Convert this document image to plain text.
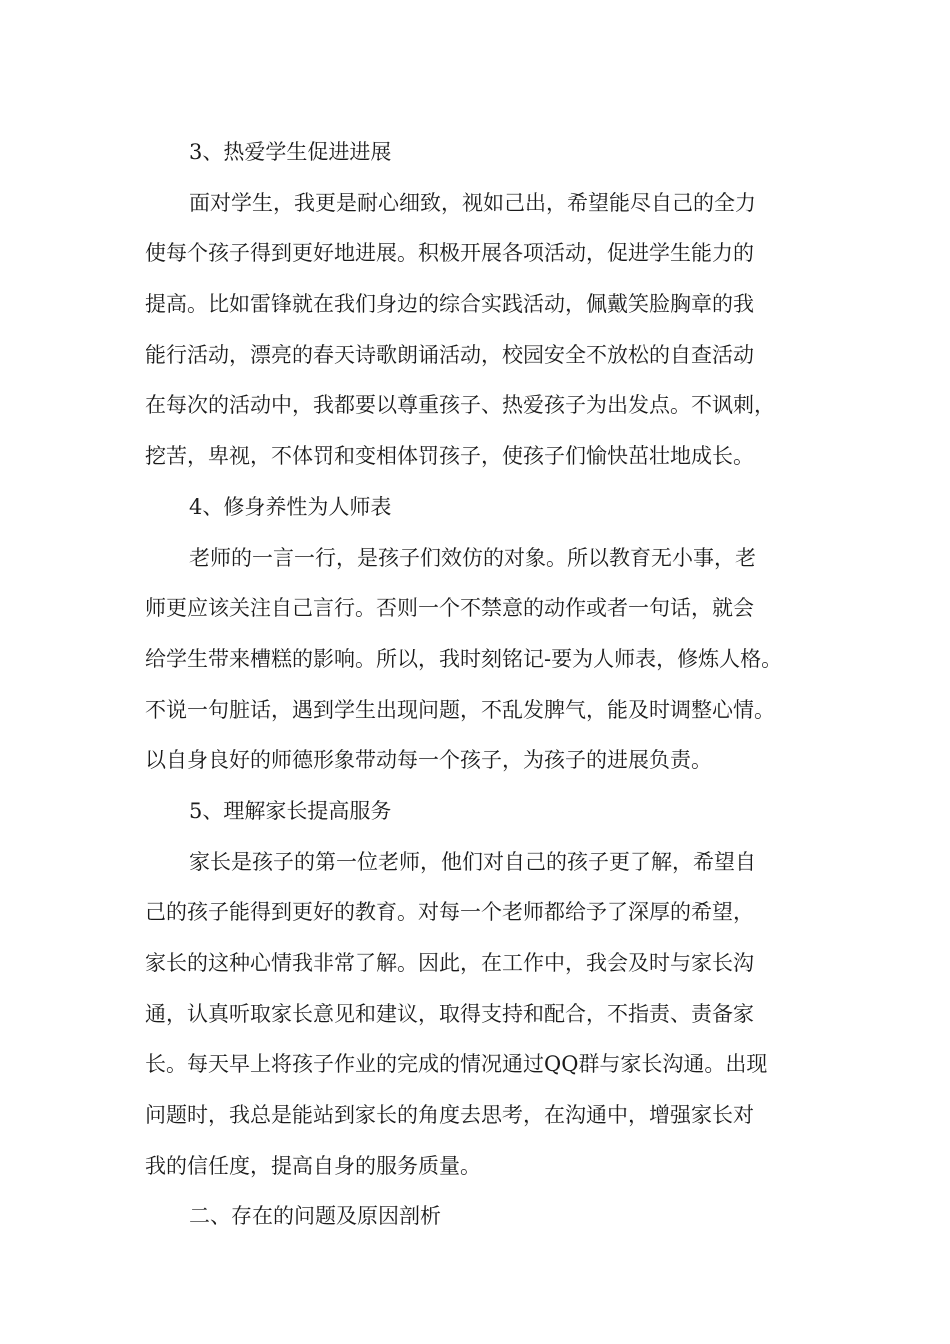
3、热爱学生促进进展
面对学生，我更是耐心细致，视如己出，希望能尽自己的全力
使每个孩子得到更好地进展。积极开展各项活动，促进学生能力的
提高。比如雷锋就在我们身边的综合实践活动，佩戴笑脸胸章的我
能行活动，漂亮的春天诗歌朗诵活动，校园安全不放松的自查活动
在每次的活动中，我都要以尊重孩子、热爱孩子为出发点。不讽刺，
挖苦，卑视，不体罚和变相体罚孩子，使孩子们愉快茁壮地成长。
4、修身养性为人师表
老师的一言一行，是孩子们效仿的对象。所以教育无小事，老
师更应该关注自己言行。否则一个不禁意的动作或者一句话，就会
给学生带来槽糕的影响。所以，我时刻铭记-要为人师表，修炼人格。
不说一句脏话，遇到学生出现问题，不乱发脾气，能及时调整心情。
以自身良好的师德形象带动每一个孩子，为孩子的进展负责。
5、理解家长提高服务
家长是孩子的第一位老师，他们对自己的孩子更了解，希望自
己的孩子能得到更好的教育。对每一个老师都给予了深厚的希望，
家长的这种心情我非常了解。因此，在工作中，我会及时与家长沟
通，认真听取家长意见和建议，取得支持和配合，不指责、责备家
长。每天早上将孩子作业的完成的情况通过QQ群与家长沟通。出现
问题时，我总是能站到家长的角度去思考，在沟通中，增强家长对
我的信任度，提高自身的服务质量。
二、存在的问题及原因剖析
